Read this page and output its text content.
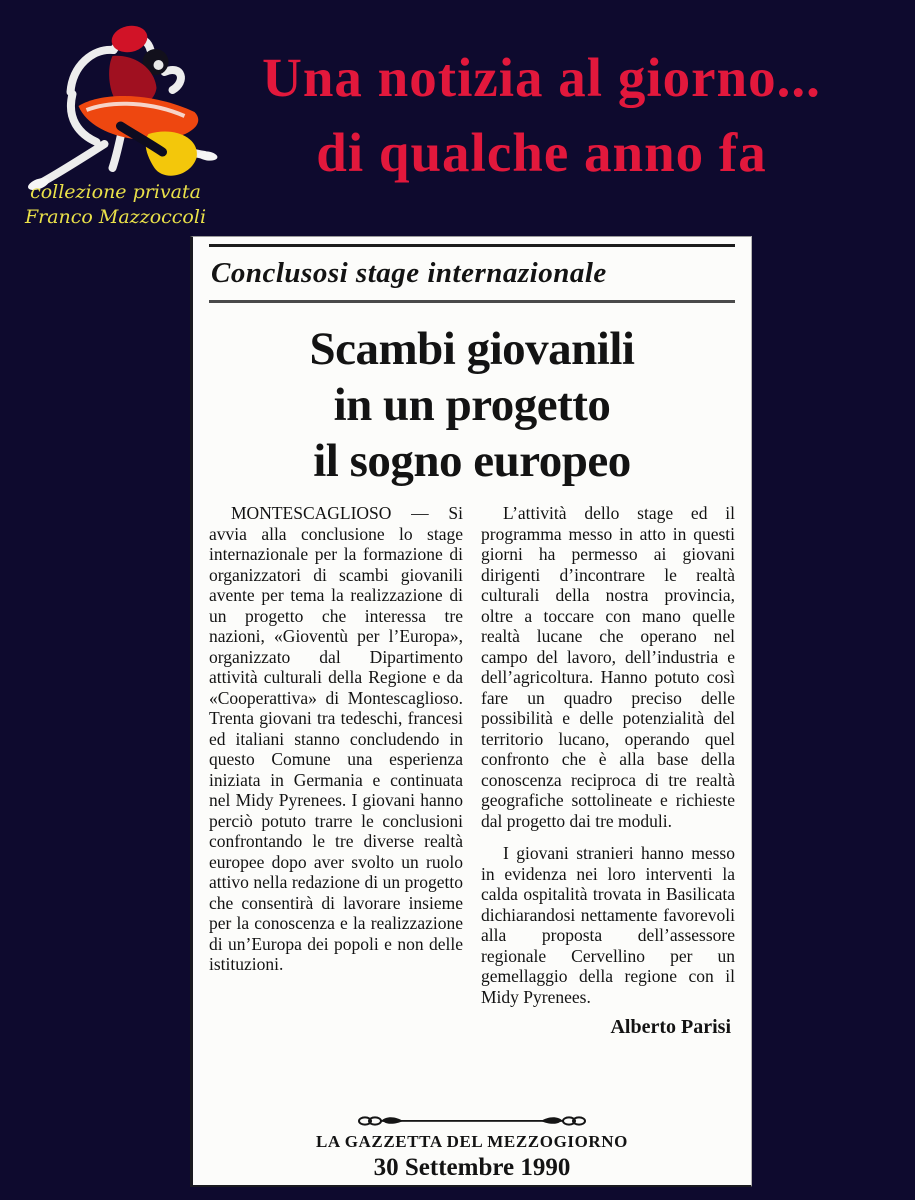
Una notizia al giorno...
di qualche anno fa
collezione privata
Franco Mazzoccoli
Conclusosi stage internazionale
Scambi giovanili
in un progetto
il sogno europeo

MONTESCAGLIOSO — Si avvia alla conclusione lo stage internazionale per la formazione di organizzatori di scambi giovanili avente per tema la realizzazione di un progetto che interessa tre nazioni, «Gioventù per l’Europa», organizzato dal Dipartimento attività culturali della Regione e da «Cooperattiva» di Montescaglioso. Trenta giovani tra tedeschi, francesi ed italiani stanno concludendo in questo Comune una esperienza iniziata in Germania e continuata nel Midy Pyrenees. I giovani hanno perciò potuto trarre le conclusioni confrontando le tre diverse realtà europee dopo aver svolto un ruolo attivo nella redazione di un progetto che consentirà di lavorare insieme per la conoscenza e la realizzazione di un’Europa dei popoli e non delle istituzioni.

L’attività dello stage ed il programma messo in atto in questi giorni ha permesso ai giovani dirigenti d’incontrare le realtà culturali della nostra provincia, oltre a toccare con mano quelle realtà lucane che operano nel campo del lavoro, dell’industria e dell’agricoltura. Hanno potuto così fare un quadro preciso delle possibilità e delle potenzialità del territorio lucano, operando quel confronto che è alla base della conoscenza reciproca di tre realtà geografiche sottolineate e richieste dal progetto dai tre moduli.

I giovani stranieri hanno messo in evidenza nei loro interventi la calda ospitalità trovata in Basilicata dichiarandosi nettamente favorevoli alla proposta dell’assessore regionale Cervellino per un gemellaggio della regione con il Midy Pyrenees.

Alberto Parisi
LA GAZZETTA DEL MEZZOGIORNO
30 Settembre 1990
